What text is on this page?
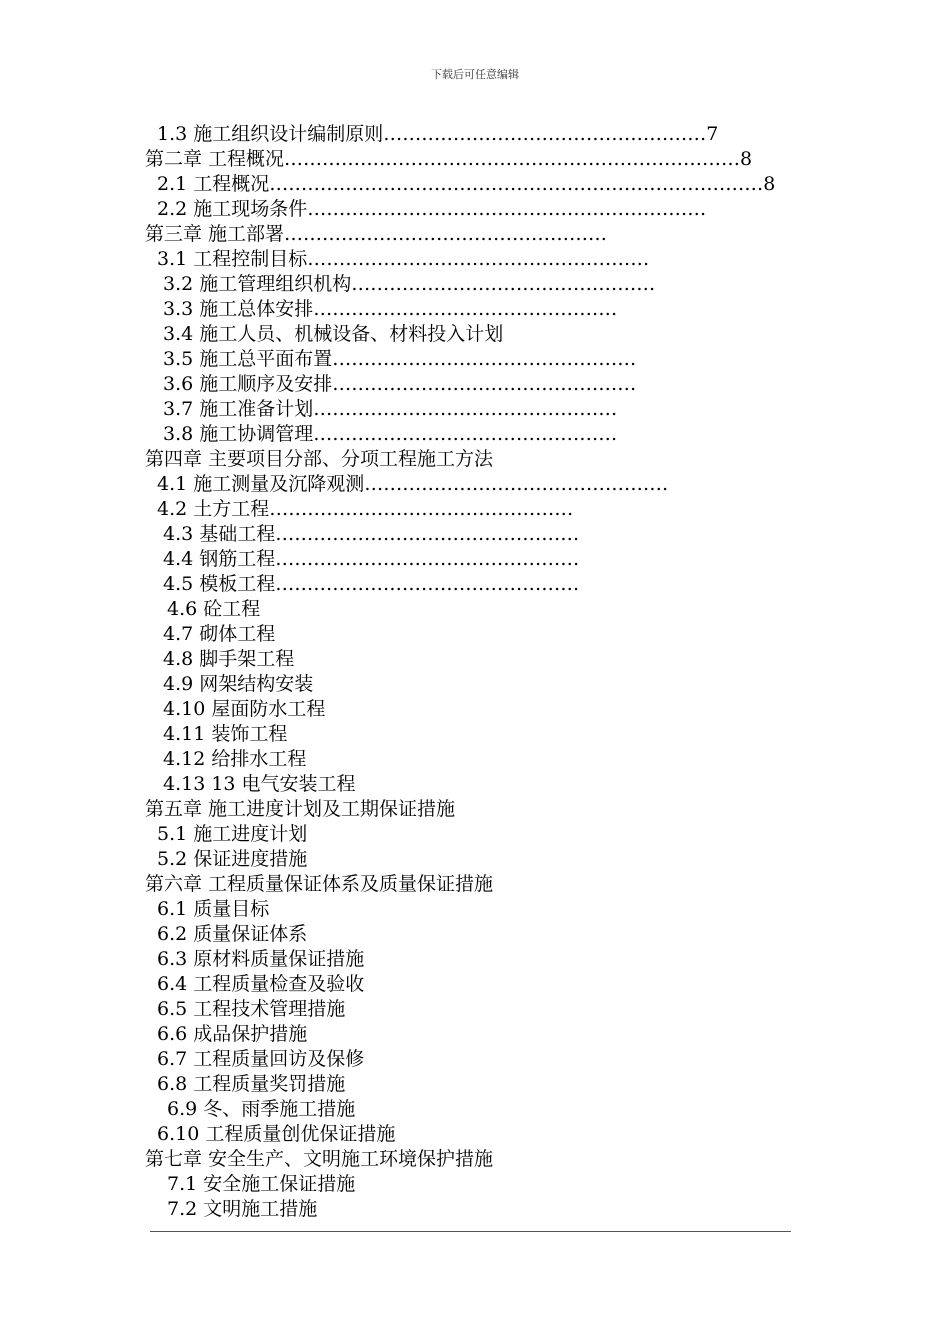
下载后可任意编辑
1.3 施工组织设计编制原则……………………………………………7
第二章 工程概况………………………………………………………………8
2.1 工程概况……………………………………………………………………8
2.2 施工现场条件………………………………………………………
第三章 施工部署……………………………………………
3.1 工程控制目标………………………………………………
3.2 施工管理组织机构…………………………………………
3.3 施工总体安排…………………………………………
3.4 施工人员、机械设备、材料投入计划
3.5 施工总平面布置…………………………………………
3.6 施工顺序及安排…………………………………………
3.7 施工准备计划…………………………………………
3.8 施工协调管理…………………………………………
第四章 主要项目分部、分项工程施工方法
4.1 施工测量及沉降观测…………………………………………
4.2 土方工程…………………………………………
4.3 基础工程…………………………………………
4.4 钢筋工程…………………………………………
4.5 模板工程…………………………………………
4.6 砼工程
4.7 砌体工程
4.8 脚手架工程
4.9 网架结构安装
4.10 屋面防水工程
4.11 装饰工程
4.12 给排水工程
4.13 13 电气安装工程
第五章 施工进度计划及工期保证措施
5.1 施工进度计划
5.2 保证进度措施
第六章 工程质量保证体系及质量保证措施
6.1 质量目标
6.2 质量保证体系
6.3 原材料质量保证措施
6.4 工程质量检查及验收
6.5 工程技术管理措施
6.6 成品保护措施
6.7 工程质量回访及保修
6.8 工程质量奖罚措施
6.9 冬、雨季施工措施
6.10 工程质量创优保证措施
第七章 安全生产、文明施工环境保护措施
7.1 安全施工保证措施
7.2 文明施工措施
